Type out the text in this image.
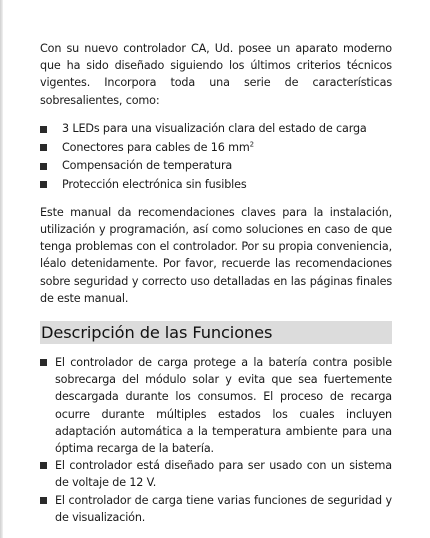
Con su nuevo controlador CA, Ud. posee un aparato moderno que ha sido diseñado siguiendo los últimos criterios técnicos vigentes. Incorpora toda una serie de características sobresalientes, como:

3 LEDs para una visualización clara del estado de carga
Conectores para cables de 16 $mm^2$
Compensación de temperatura
Protección electrónica sin fusibles

Este manual da recomendaciones claves para la instalación, utilización y programación, así como soluciones en caso de que tenga problemas con el controlador. Por su propia conveniencia, léalo detenidamente. Por favor, recuerde las recomendaciones sobre seguridad y correcto uso detalladas en las páginas finales de este manual.

Descripción de las Funciones
El controlador de carga protege a la batería contra posible sobrecarga del módulo solar y evita que sea fuertemente descargada durante los consumos. El proceso de recarga ocurre durante múltiples estados los cuales incluyen adaptación automática a la temperatura ambiente para una óptima recarga de la batería.
El controlador está diseñado para ser usado con un sistema de voltaje de 12 V.
El controlador de carga tiene varias funciones de seguridad y de visualización.
